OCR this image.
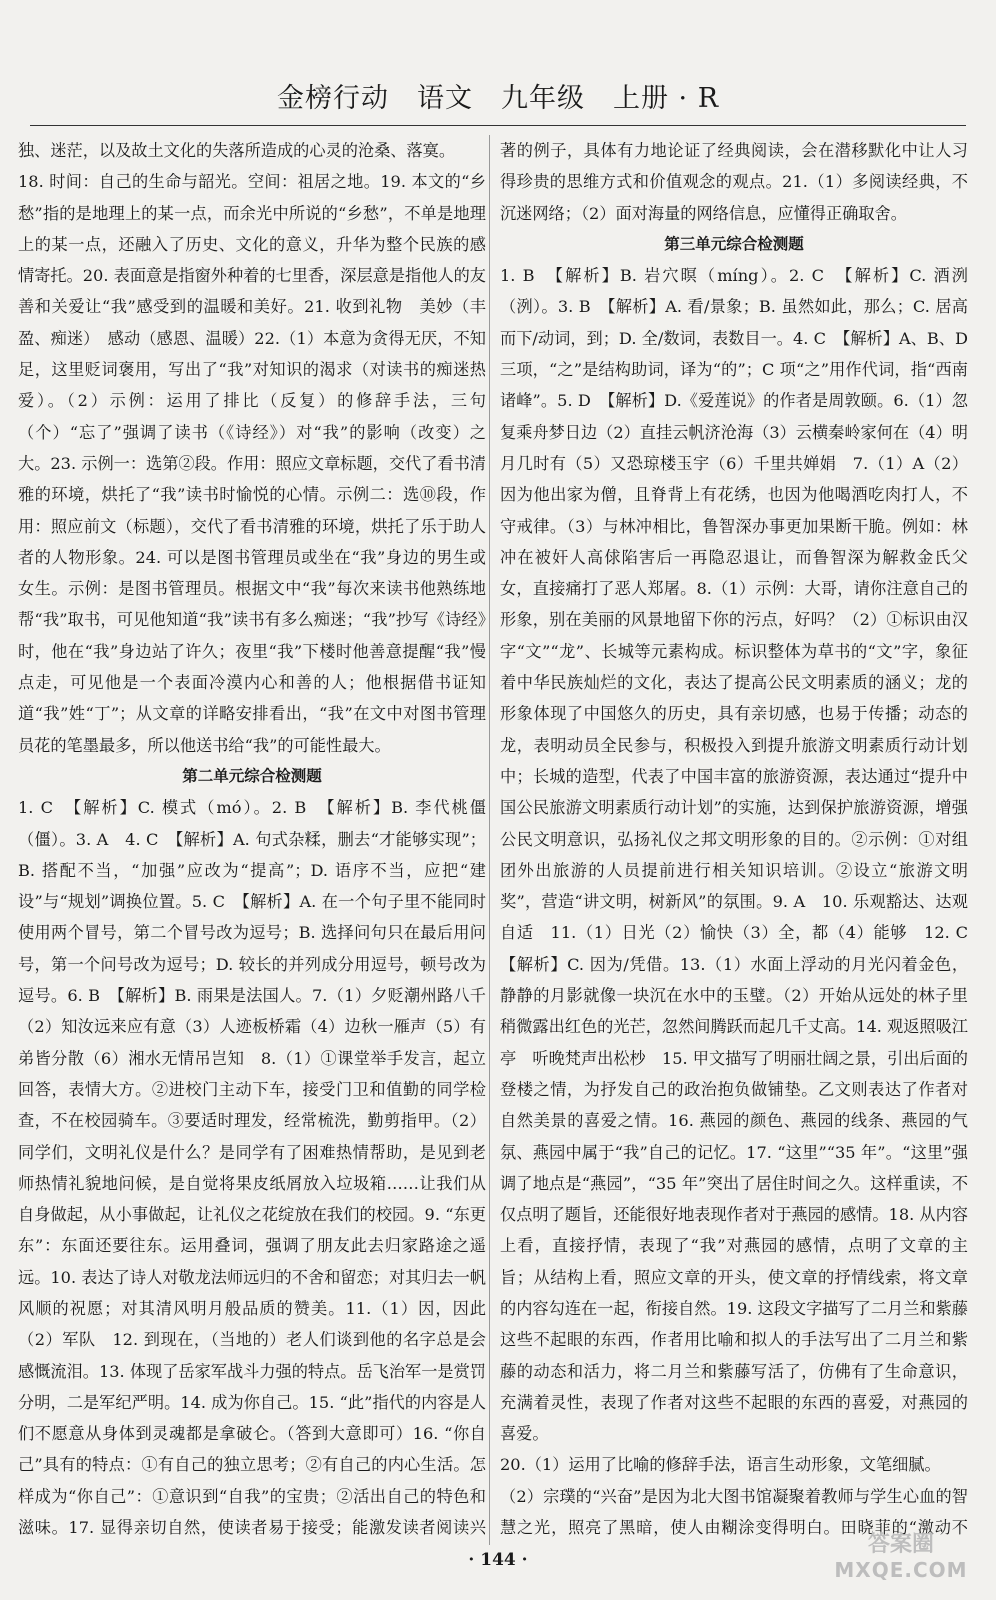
金榜行动　语文　九年级　上册 · R

独、迷茫，以及故土文化的失落所造成的心灵的沧桑、落寞。

18. 时间：自己的生命与韶光。空间：祖居之地。19. 本文的“乡愁”指的是地理上的某一点，而余光中所说的“乡愁”，不单是地理上的某一点，还融入了历史、文化的意义，升华为整个民族的感情寄托。20. 表面意是指窗外种着的七里香，深层意是指他人的友善和关爱让“我”感受到的温暖和美好。21. 收到礼物　美妙（丰盈、痴迷）　感动（感恩、温暖）22.（1）本意为贪得无厌，不知足，这里贬词褒用，写出了“我”对知识的渴求（对读书的痴迷热爱）。（2）示例：运用了排比（反复）的修辞手法，三句（个）“忘了”强调了读书（《诗经》）对“我”的影响（改变）之大。23. 示例一：选第②段。作用：照应文章标题，交代了看书清雅的环境，烘托了“我”读书时愉悦的心情。示例二：选⑩段，作用：照应前文（标题），交代了看书清雅的环境，烘托了乐于助人者的人物形象。24. 可以是图书管理员或坐在“我”身边的男生或女生。示例：是图书管理员。根据文中“我”每次来读书他熟练地帮“我”取书，可见他知道“我”读书有多么痴迷；“我”抄写《诗经》时，他在“我”身边站了许久；夜里“我”下楼时他善意提醒“我”慢点走，可见他是一个表面冷漠内心和善的人；他根据借书证知道“我”姓“丁”；从文章的详略安排看出，“我”在文中对图书管理员花的笔墨最多，所以他送书给“我”的可能性最大。

第二单元综合检测题

1. C　【解析】C. 模式（mó）。2. B　【解析】B. 李代桃僵（僵）。3. A　4. C　【解析】A. 句式杂糅，删去“才能够实现”；B. 搭配不当，“加强”应改为“提高”；D. 语序不当，应把“建设”与“规划”调换位置。5. C　【解析】A. 在一个句子里不能同时使用两个冒号，第二个冒号改为逗号；B. 选择问句只在最后用问号，第一个问号改为逗号；D. 较长的并列成分用逗号，顿号改为逗号。6. B　【解析】B. 雨果是法国人。7.（1）夕贬潮州路八千（2）知汝远来应有意（3）人迹板桥霜（4）边秋一雁声（5）有弟皆分散（6）湘水无情吊岂知　8.（1）①课堂举手发言，起立回答，表情大方。②进校门主动下车，接受门卫和值勤的同学检查，不在校园骑车。③要适时理发，经常梳洗，勤剪指甲。（2）同学们，文明礼仪是什么？是同学有了困难热情帮助，是见到老师热情礼貌地问候，是自觉将果皮纸屑放入垃圾箱……让我们从自身做起，从小事做起，让礼仪之花绽放在我们的校园。9. “东更东”：东面还要往东。运用叠词，强调了朋友此去归家路途之遥远。10. 表达了诗人对敬龙法师远归的不舍和留恋；对其归去一帆风顺的祝愿；对其清风明月般品质的赞美。11.（1）因，因此（2）军队　12. 到现在，（当地的）老人们谈到他的名字总是会感慨流泪。13. 体现了岳家军战斗力强的特点。岳飞治军一是赏罚分明，二是军纪严明。14. 成为你自己。15. “此”指代的内容是人们不愿意从身体到灵魂都是拿破仑。（答到大意即可）16. “你自己”具有的特点：①有自己的独立思考；②有自己的内心生活。怎样成为“你自己”：①意识到“自我”的宝贵；②活出自己的特色和滋味。17. 显得亲切自然，使读者易于接受；能激发读者阅读兴 　

著的例子，具体有力地论证了经典阅读，会在潜移默化中让人习得珍贵的思维方式和价值观念的观点。21.（1）多阅读经典，不沉迷网络；（2）面对海量的网络信息，应懂得正确取舍。

第三单元综合检测题

1. B　【解析】B. 岩穴暝（míng）。2. C　【解析】C. 酒洌（洌）。3. B　【解析】A. 看/景象；B. 虽然如此，那么；C. 居高而下/动词，到；D. 全/数词，表数目一。4. C　【解析】A、B、D 三项，“之”是结构助词，译为“的”；C 项“之”用作代词，指“西南诸峰”。5. D　【解析】D.《爱莲说》的作者是周敦颐。6.（1）忽复乘舟梦日边（2）直挂云帆济沧海（3）云横秦岭家何在（4）明月几时有（5）又恐琼楼玉宇（6）千里共婵娟　7.（1）A（2）因为他出家为僧，且脊背上有花绣，也因为他喝酒吃肉打人，不守戒律。（3）与林冲相比，鲁智深办事更加果断干脆。例如：林冲在被奸人高俅陷害后一再隐忍退让，而鲁智深为解救金氏父女，直接痛打了恶人郑屠。8.（1）示例：大哥，请你注意自己的形象，别在美丽的风景地留下你的污点，好吗？（2）①标识由汉字“文”“龙”、长城等元素构成。标识整体为草书的“文”字，象征着中华民族灿烂的文化，表达了提高公民文明素质的涵义；龙的形象体现了中国悠久的历史，具有亲切感，也易于传播；动态的龙，表明动员全民参与，积极投入到提升旅游文明素质行动计划中；长城的造型，代表了中国丰富的旅游资源，表达通过“提升中国公民旅游文明素质行动计划”的实施，达到保护旅游资源，增强公民文明意识，弘扬礼仪之邦文明形象的目的。②示例：①对组团外出旅游的人员提前进行相关知识培训。②设立“旅游文明奖”，营造“讲文明，树新风”的氛围。9. A　10. 乐观豁达、达观自适　11.（1）日光（2）愉快（3）全，都（4）能够　12. C　【解析】C. 因为/凭借。13.（1）水面上浮动的月光闪着金色，静静的月影就像一块沉在水中的玉璧。（2）开始从远处的林子里稍微露出红色的光芒，忽然间腾跃而起几千丈高。14. 观返照吸江亭　听晚梵声出松杪　15. 甲文描写了明丽壮阔之景，引出后面的登楼之情，为抒发自己的政治抱负做铺垫。乙文则表达了作者对自然美景的喜爱之情。16. 燕园的颜色、燕园的线条、燕园的气氛、燕园中属于“我”自己的记忆。17. “这里”“35 年”。“这里”强调了地点是“燕园”，“35 年”突出了居住时间之久。这样重读，不仅点明了题旨，还能很好地表现作者对于燕园的感情。18. 从内容上看，直接抒情，表现了“我”对燕园的感情，点明了文章的主旨；从结构上看，照应文章的开头，使文章的抒情线索，将文章的内容勾连在一起，衔接自然。19. 这段文字描写了二月兰和紫藤这些不起眼的东西，作者用比喻和拟人的手法写出了二月兰和紫藤的动态和活力，将二月兰和紫藤写活了，仿佛有了生命意识，充满着灵性，表现了作者对这些不起眼的东西的喜爱，对燕园的喜爱。

20.（1）运用了比喻的修辞手法，语言生动形象，文笔细腻。

（2）宗璞的“兴奋”是因为北大图书馆凝聚着教师与学生心血的智慧之光，照亮了黑暗，使人由糊涂变得明白。田晓菲的“激动不

· 144 ·
答案圈
MXQE.COM
